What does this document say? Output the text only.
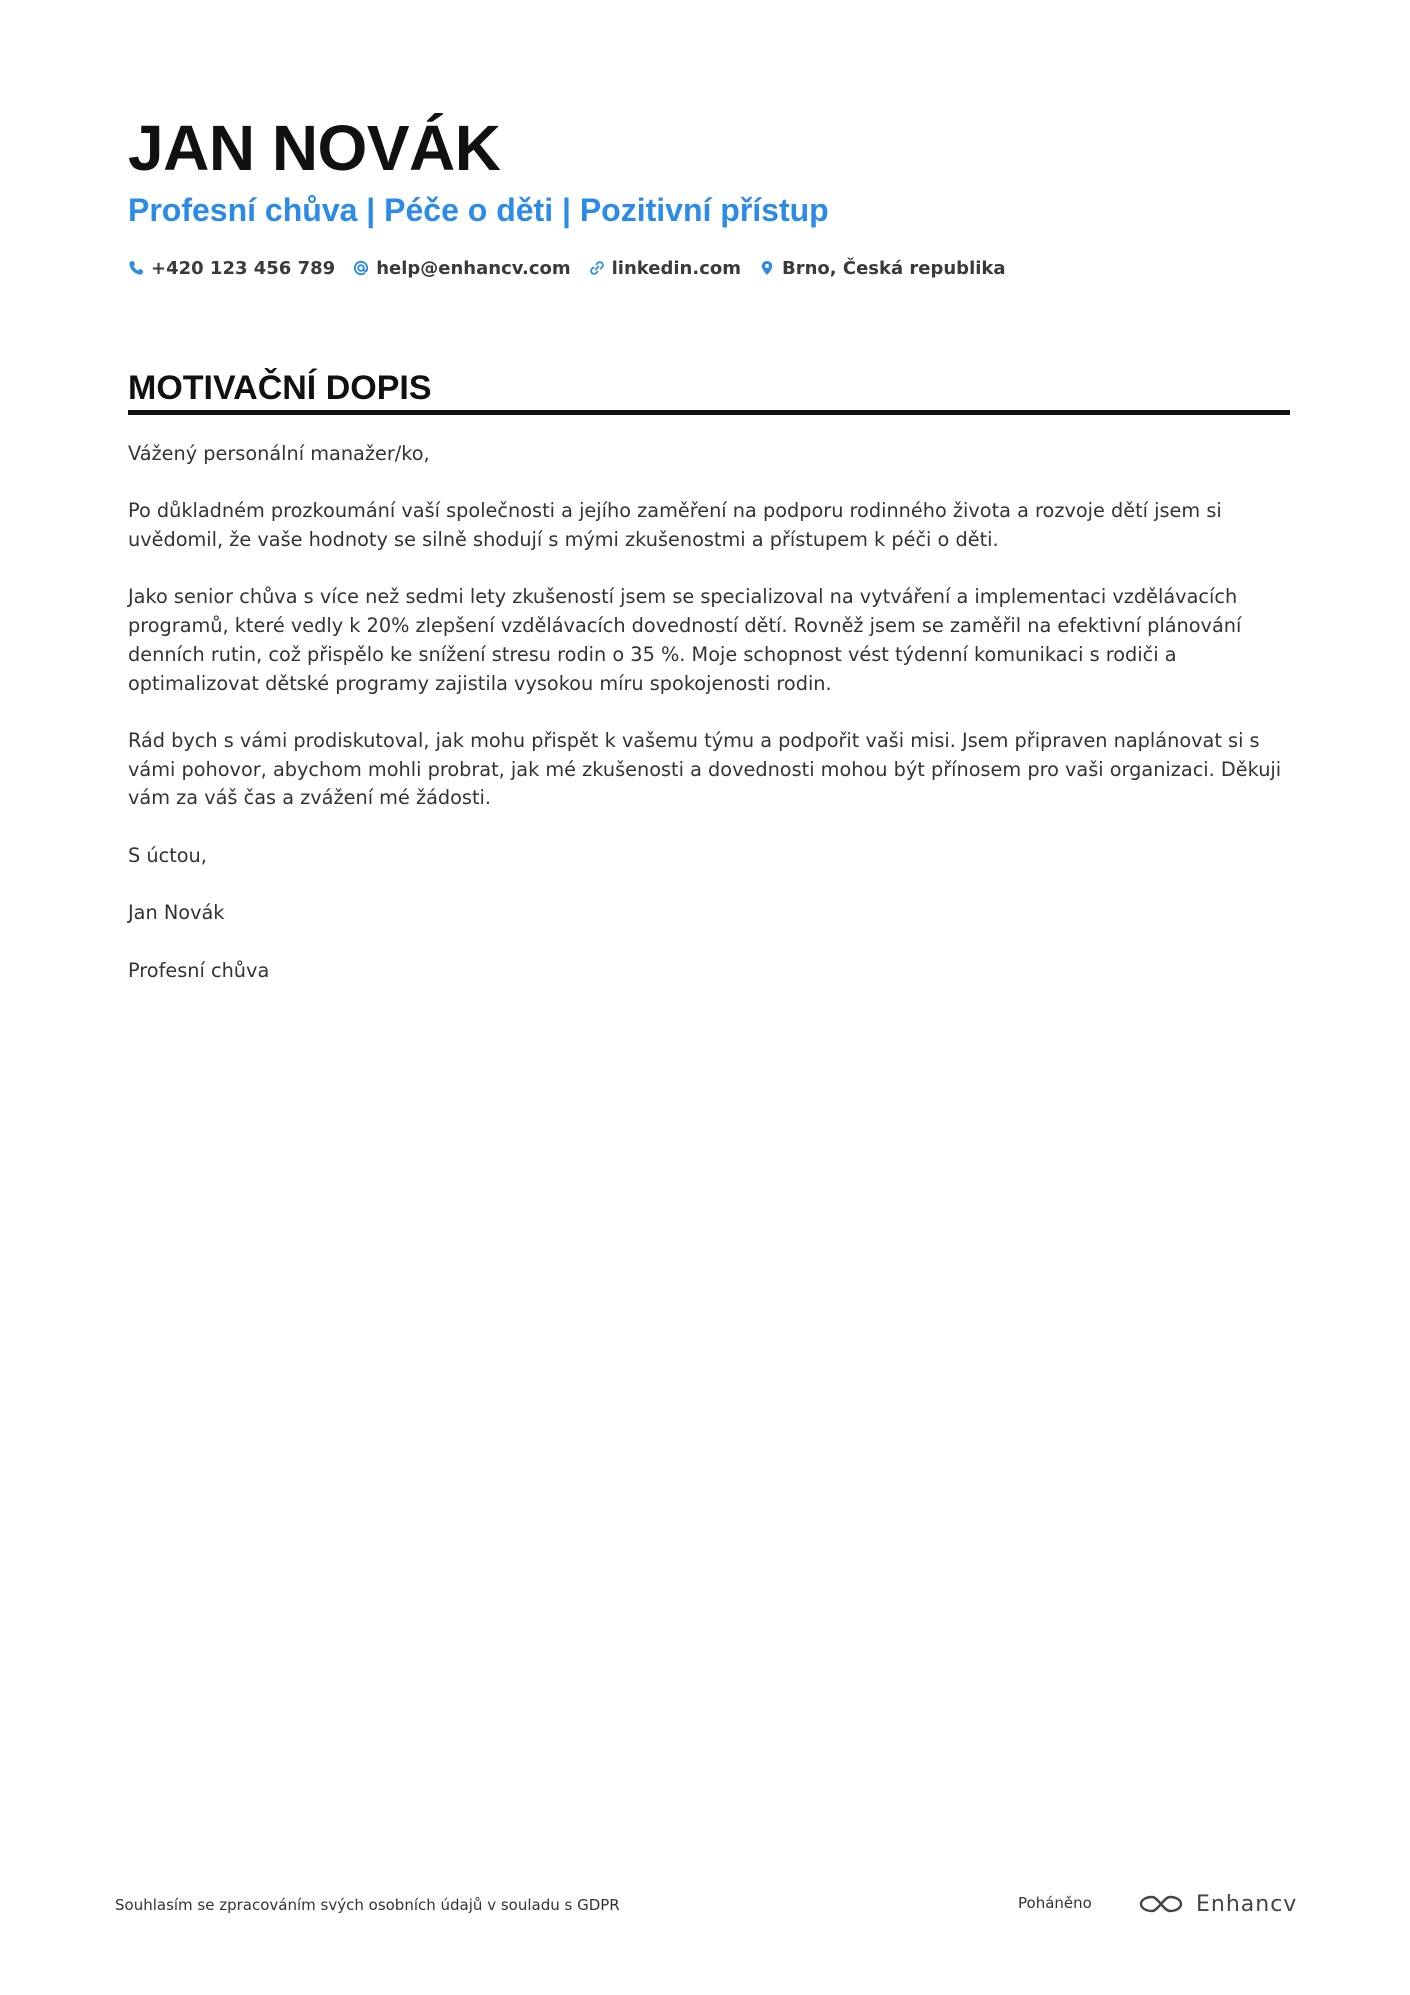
JAN NOVÁK
Profesní chůva | Péče o děti | Pozitivní přístup
+420 123 456 789 help@enhancv.com linkedin.com Brno, Česká republika
MOTIVAČNÍ DOPIS

Vážený personální manažer/ko,

Po důkladném prozkoumání vaší společnosti a jejího zaměření na podporu rodinného života a rozvoje dětí jsem si uvědomil, že vaše hodnoty se silně shodují s mými zkušenostmi a přístupem k péči o děti.

Jako senior chůva s více než sedmi lety zkušeností jsem se specializoval na vytváření a implementaci vzdělávacích programů, které vedly k 20% zlepšení vzdělávacích dovedností dětí. Rovněž jsem se zaměřil na efektivní plánování denních rutin, což přispělo ke snížení stresu rodin o 35 %. Moje schopnost vést týdenní komunikaci s rodiči a optimalizovat dětské programy zajistila vysokou míru spokojenosti rodin.

Rád bych s vámi prodiskutoval, jak mohu přispět k vašemu týmu a podpořit vaši misi. Jsem připraven naplánovat si s vámi pohovor, abychom mohli probrat, jak mé zkušenosti a dovednosti mohou být přínosem pro vaši organizaci. Děkuji vám za váš čas a zvážení mé žádosti.

S úctou,

Jan Novák

Profesní chůva

Souhlasím se zpracováním svých osobních údajů v souladu s GDPR	Poháněno	Enhancv
